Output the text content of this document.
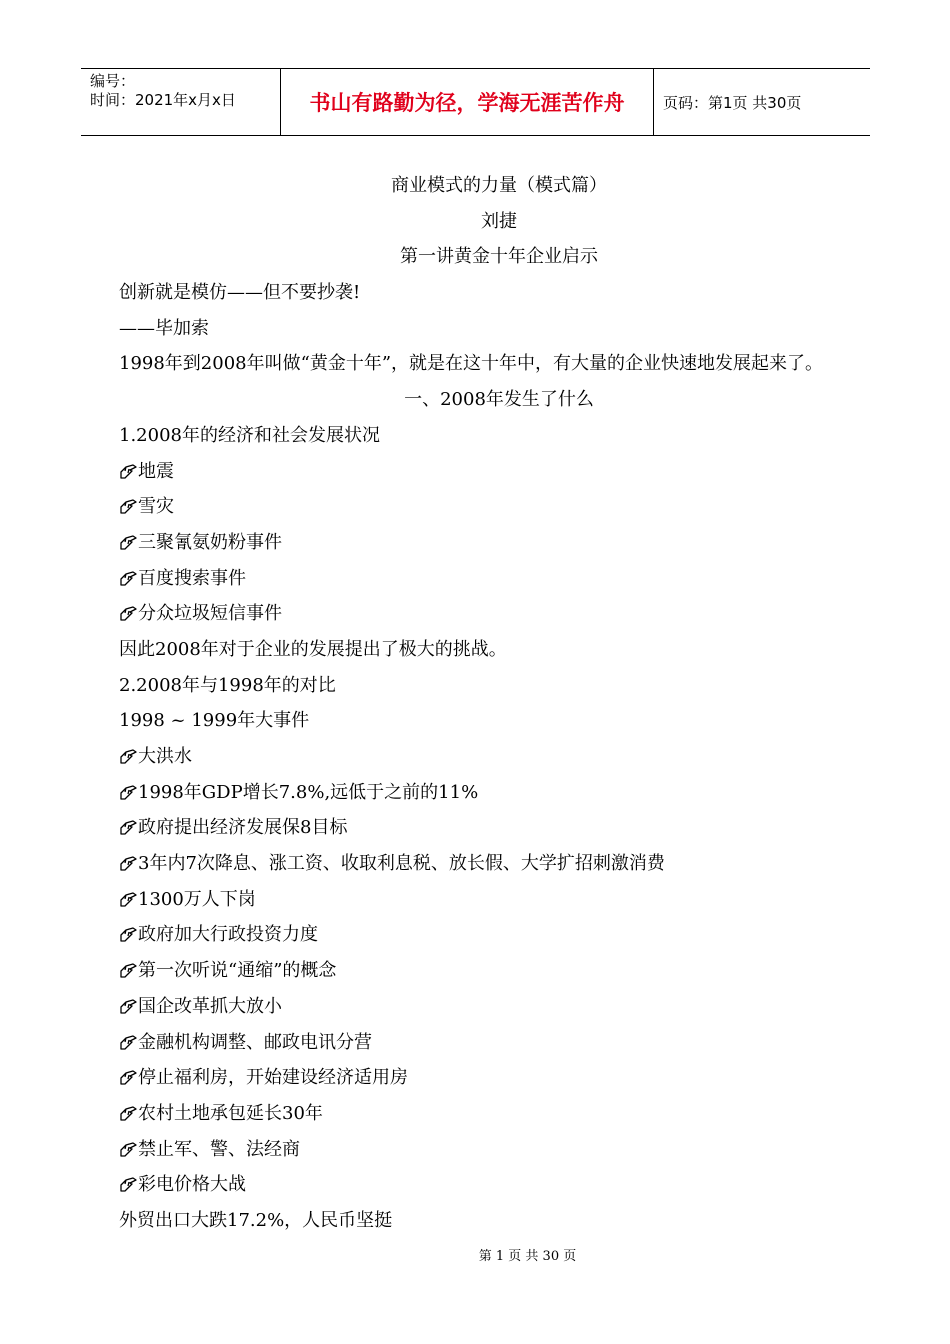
编号：
时间：2021年x月x日	书山有路勤为径，学海无涯苦作舟	页码：第1页 共30页
商业模式的力量（模式篇）
刘捷
第一讲黄金十年企业启示
创新就是模仿——但不要抄袭!
——毕加索
1998年到2008年叫做“黄金十年”，就是在这十年中，有大量的企业快速地发展起来了。
一、2008年发生了什么
1.2008年的经济和社会发展状况
地震
雪灾
三聚氰氨奶粉事件
百度搜索事件
分众垃圾短信事件
因此2008年对于企业的发展提出了极大的挑战。
2.2008年与1998年的对比
1998 ~ 1999年大事件
大洪水
1998年GDP增长7.8%,远低于之前的11%
政府提出经济发展保8目标
3年内7次降息、涨工资、收取利息税、放长假、大学扩招刺激消费
1300万人下岗
政府加大行政投资力度
第一次听说“通缩”的概念
国企改革抓大放小
金融机构调整、邮政电讯分营
停止福利房，开始建设经济适用房
农村土地承包延长30年
禁止军、警、法经商
彩电价格大战
外贸出口大跌17.2%，人民币坚挺
第 1 页 共 30 页
